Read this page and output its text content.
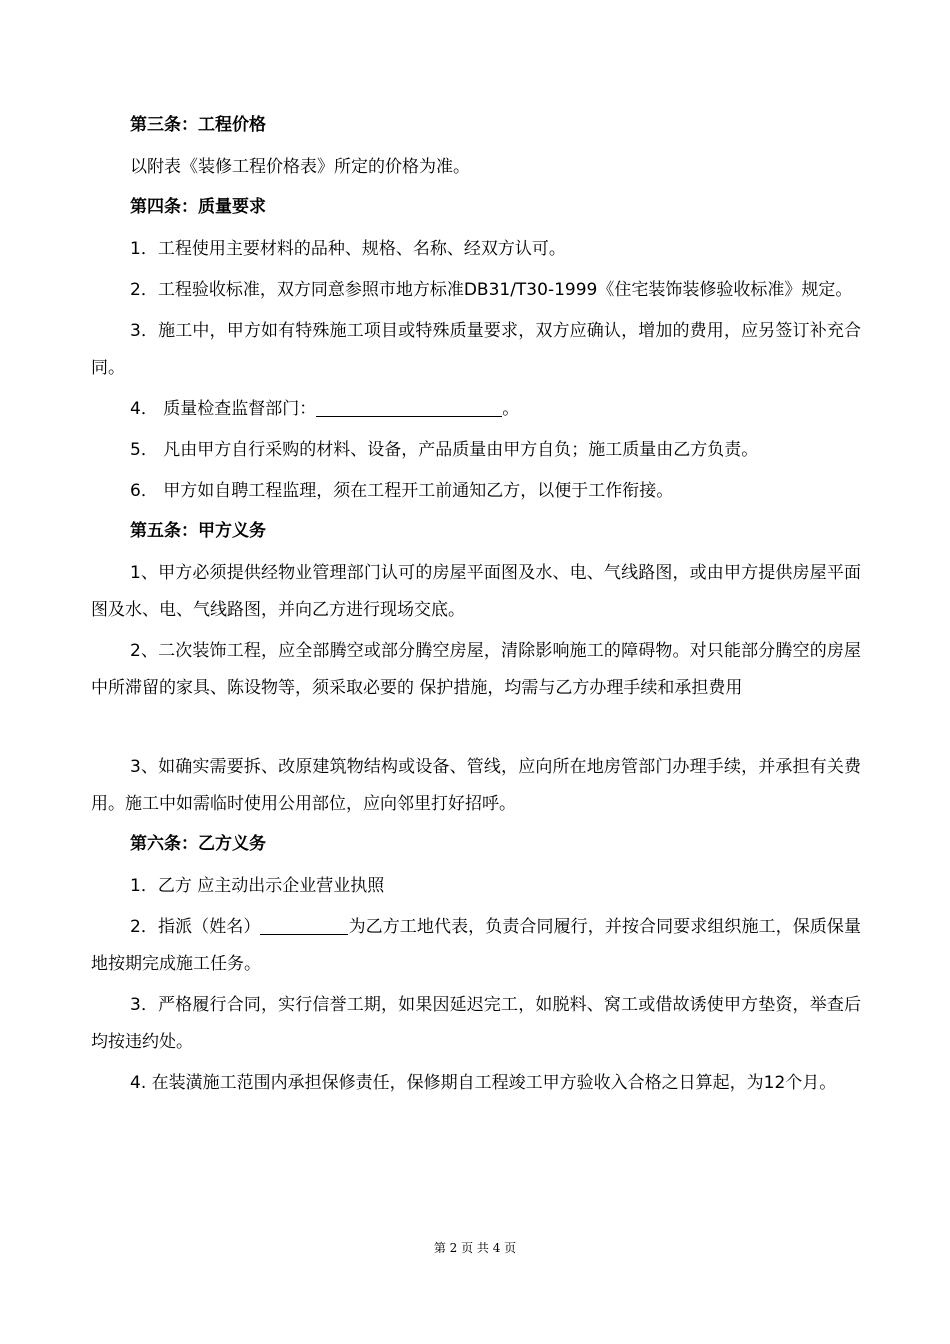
第三条：工程价格

以附表《装修工程价格表》所定的价格为准。

第四条：质量要求

1．工程使用主要材料的品种、规格、名称、经双方认可。

2．工程验收标准，双方同意参照市地方标准DB31/T30-1999《住宅装饰装修验收标准》规定。

3．施工中，甲方如有特殊施工项目或特殊质量要求，双方应确认，增加的费用，应另签订补充合同。

4． 质量检查监督部门：	。

5． 凡由甲方自行采购的材料、设备，产品质量由甲方自负；施工质量由乙方负责。

6． 甲方如自聘工程监理，须在工程开工前通知乙方，以便于工作衔接。

第五条：甲方义务

1、甲方必须提供经物业管理部门认可的房屋平面图及水、电、气线路图，或由甲方提供房屋平面图及水、电、气线路图，并向乙方进行现场交底。

2、二次装饰工程，应全部腾空或部分腾空房屋，清除影响施工的障碍物。对只能部分腾空的房屋中所滞留的家具、陈设物等，须采取必要的 保护措施，均需与乙方办理手续和承担费用

3、如确实需要拆、改原建筑物结构或设备、管线，应向所在地房管部门办理手续，并承担有关费用。施工中如需临时使用公用部位，应向邻里打好招呼。

第六条：乙方义务

1．乙方 应主动出示企业营业执照

2．指派（姓名）	为乙方工地代表，负责合同履行，并按合同要求组织施工，保质保量地按期完成施工任务。

3．严格履行合同，实行信誉工期，如果因延迟完工，如脱料、窝工或借故诱使甲方垫资，举查后均按违约处。

4. 在装潢施工范围内承担保修责任，保修期自工程竣工甲方验收入合格之日算起，为12个月。

第 2 页 共 4 页
